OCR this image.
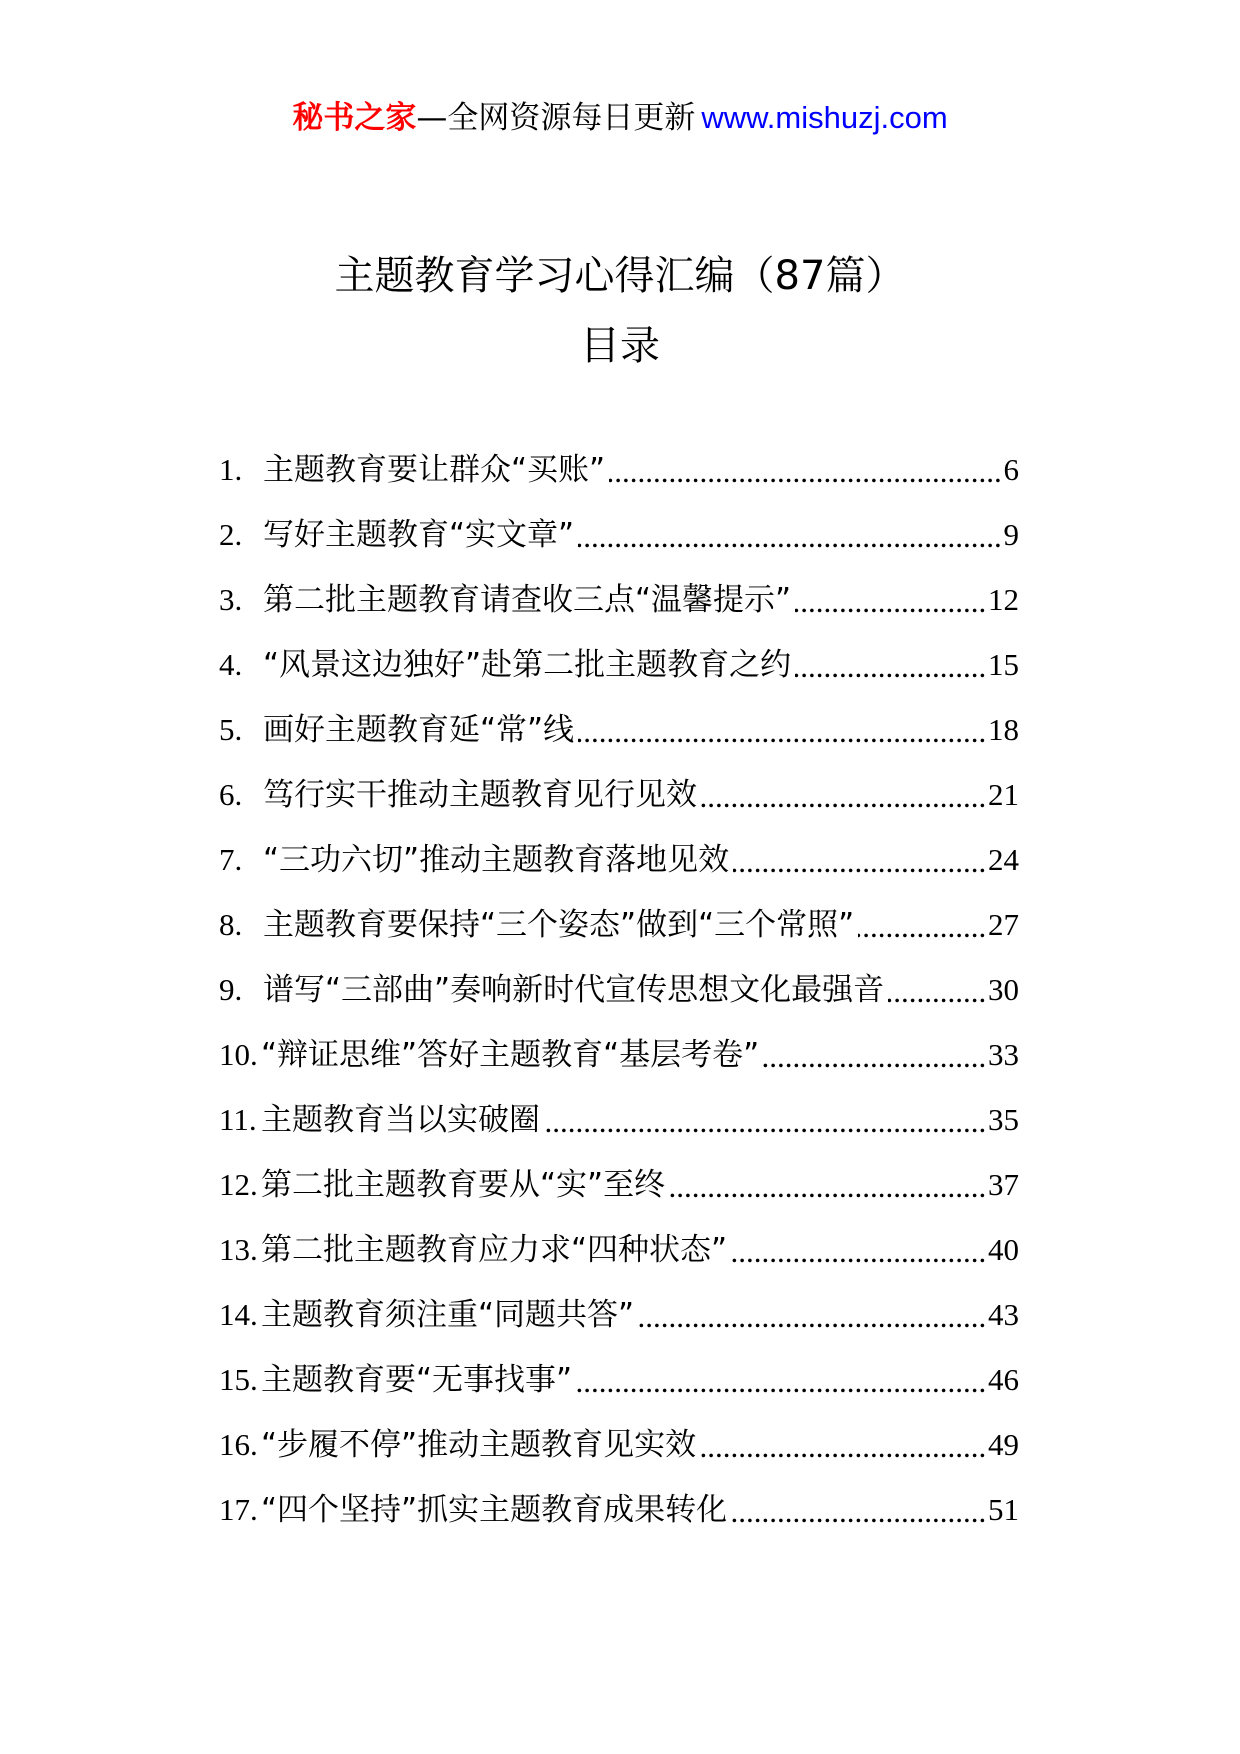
秘书之家—全网资源每日更新 www.mishuzj.com
主题教育学习心得汇编（87篇）
目录
1. 主题教育要让群众“买账”	6
.....
2. 写好主题教育“实文章”	9
.....
3. 第二批主题教育请查收三点“温馨提示”	12
.....
4. “风景这边独好”赴第二批主题教育之约	15
.....
5. 画好主题教育延“常”线	18
.....
6. 笃行实干推动主题教育见行见效	21
.....
7. “三功六切”推动主题教育落地见效	24
.....
8. 主题教育要保持“三个姿态”做到“三个常照”	27
.....
9. 谱写“三部曲”奏响新时代宣传思想文化最强音	30
.....
10. “辩证思维”答好主题教育“基层考卷”	33
.....
11. 主题教育当以实破圈	35
.....
12. 第二批主题教育要从“实”至终	37
.....
13. 第二批主题教育应力求“四种状态”	40
.....
14. 主题教育须注重“同题共答”	43
.....
15. 主题教育要“无事找事”	46
.....
16. “步履不停”推动主题教育见实效	49
.....
17. “四个坚持”抓实主题教育成果转化	51
.....
